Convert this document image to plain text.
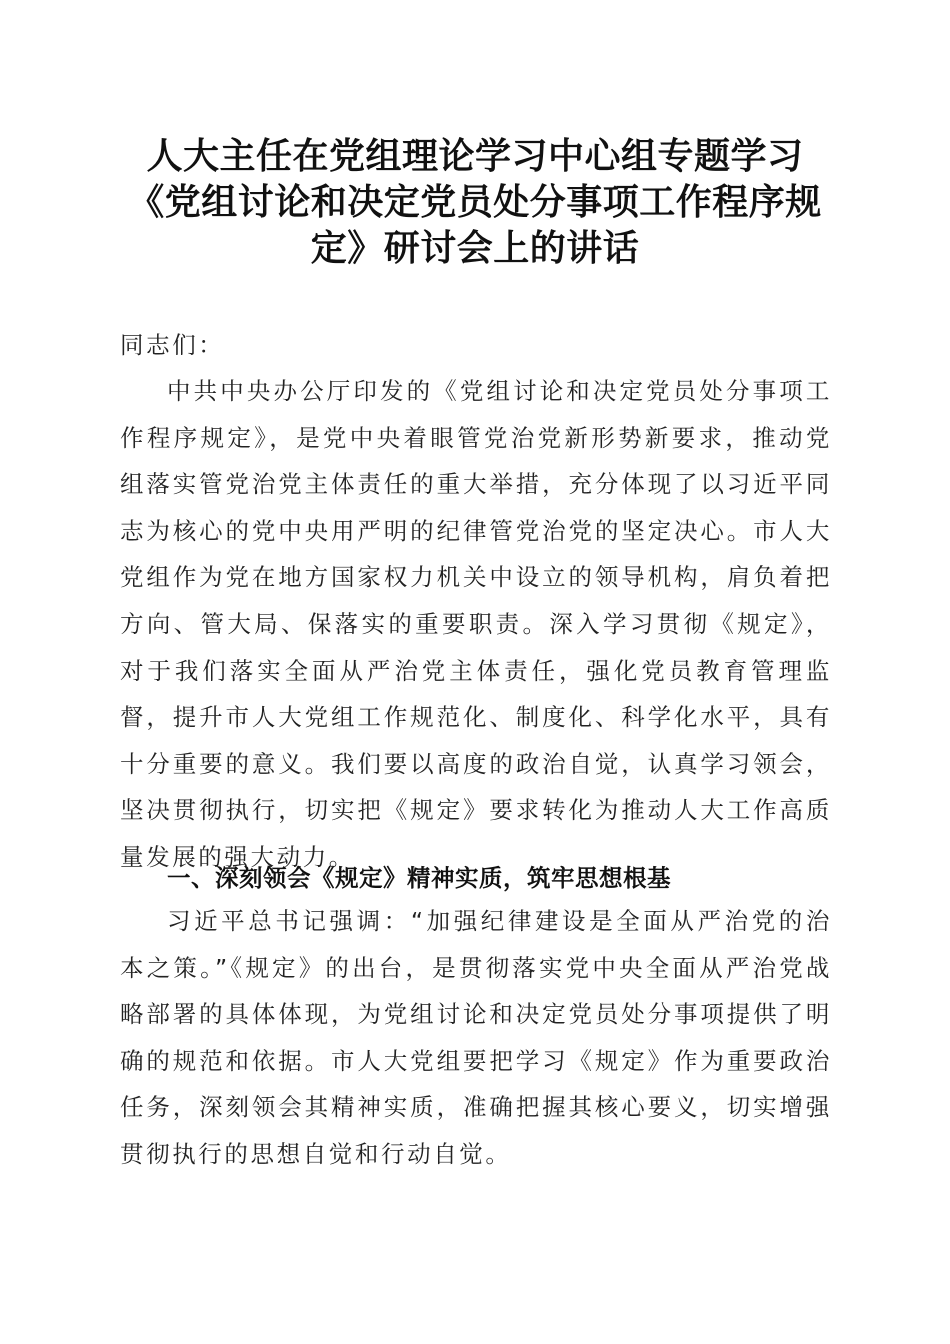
人大主任在党组理论学习中心组专题学习《党组讨论和决定党员处分事项工作程序规定》研讨会上的讲话

同志们：

中共中央办公厅印发的《党组讨论和决定党员处分事项工作程序规定》，是党中央着眼管党治党新形势新要求，推动党组落实管党治党主体责任的重大举措，充分体现了以习近平同志为核心的党中央用严明的纪律管党治党的坚定决心。市人大党组作为党在地方国家权力机关中设立的领导机构，肩负着把方向、管大局、保落实的重要职责。深入学习贯彻《规定》，对于我们落实全面从严治党主体责任，强化党员教育管理监督，提升市人大党组工作规范化、制度化、科学化水平，具有十分重要的意义。我们要以高度的政治自觉，认真学习领会，坚决贯彻执行，切实把《规定》要求转化为推动人大工作高质量发展的强大动力。

一、深刻领会《规定》精神实质，筑牢思想根基

习近平总书记强调：“加强纪律建设是全面从严治党的治本之策。”《规定》的出台，是贯彻落实党中央全面从严治党战略部署的具体体现，为党组讨论和决定党员处分事项提供了明确的规范和依据。市人大党组要把学习《规定》作为重要政治任务，深刻领会其精神实质，准确把握其核心要义，切实增强贯彻执行的思想自觉和行动自觉。
